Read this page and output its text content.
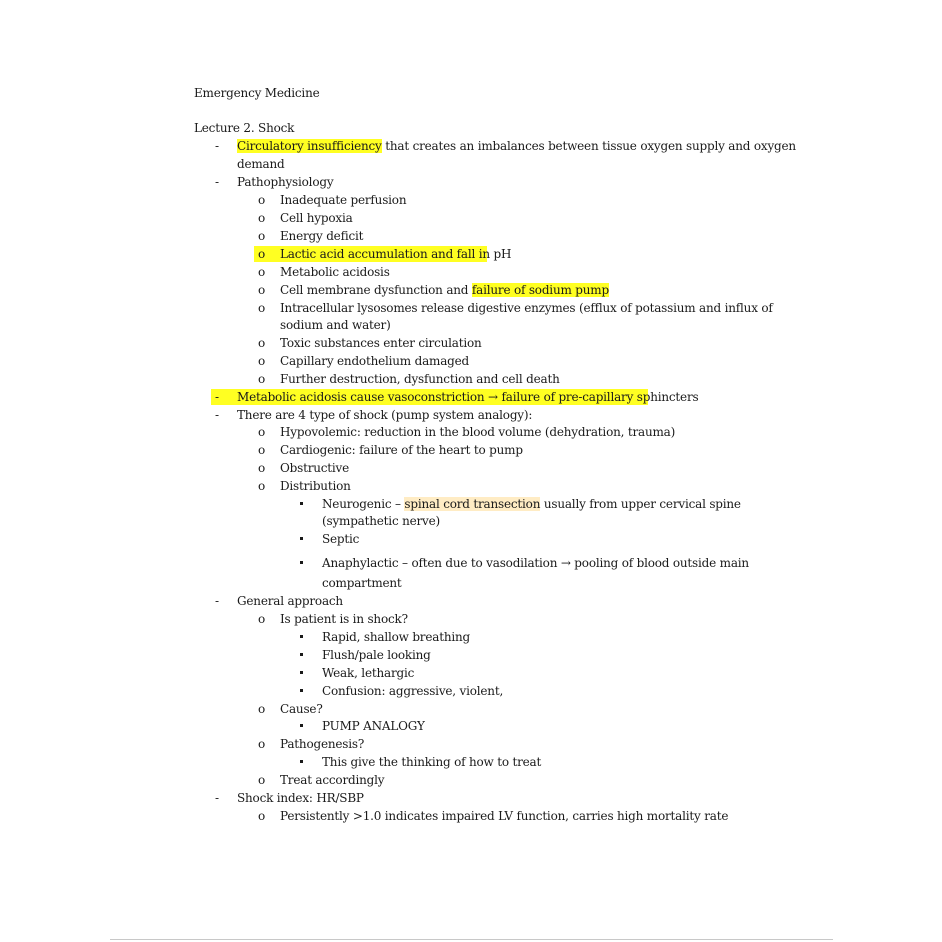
Emergency Medicine
Lecture 2. Shock
- Circulatory insufficiency that creates an imbalances between tissue oxygen supply and oxygen
demand
- Pathophysiology
o Inadequate perfusion
o Cell hypoxia
o Energy deficit
o Lactic acid accumulation and fall in pH
o Metabolic acidosis
o Cell membrane dysfunction and failure of sodium pump
o Intracellular lysosomes release digestive enzymes (efflux of potassium and influx of
sodium and water)
o Toxic substances enter circulation
o Capillary endothelium damaged
o Further destruction, dysfunction and cell death
- Metabolic acidosis cause vasoconstriction → failure of pre-capillary sphincters
- There are 4 type of shock (pump system analogy):
o Hypovolemic: reduction in the blood volume (dehydration, trauma)
o Cardiogenic: failure of the heart to pump
o Obstructive
o Distribution
Neurogenic – spinal cord transection usually from upper cervical spine
(sympathetic nerve)
Septic
Anaphylactic – often due to vasodilation → pooling of blood outside main
compartment
- General approach
o Is patient is in shock?
Rapid, shallow breathing
Flush/pale looking
Weak, lethargic
Confusion: aggressive, violent,
o Cause?
PUMP ANALOGY
o Pathogenesis?
This give the thinking of how to treat
o Treat accordingly
- Shock index: HR/SBP
o Persistently >1.0 indicates impaired LV function, carries high mortality rate
